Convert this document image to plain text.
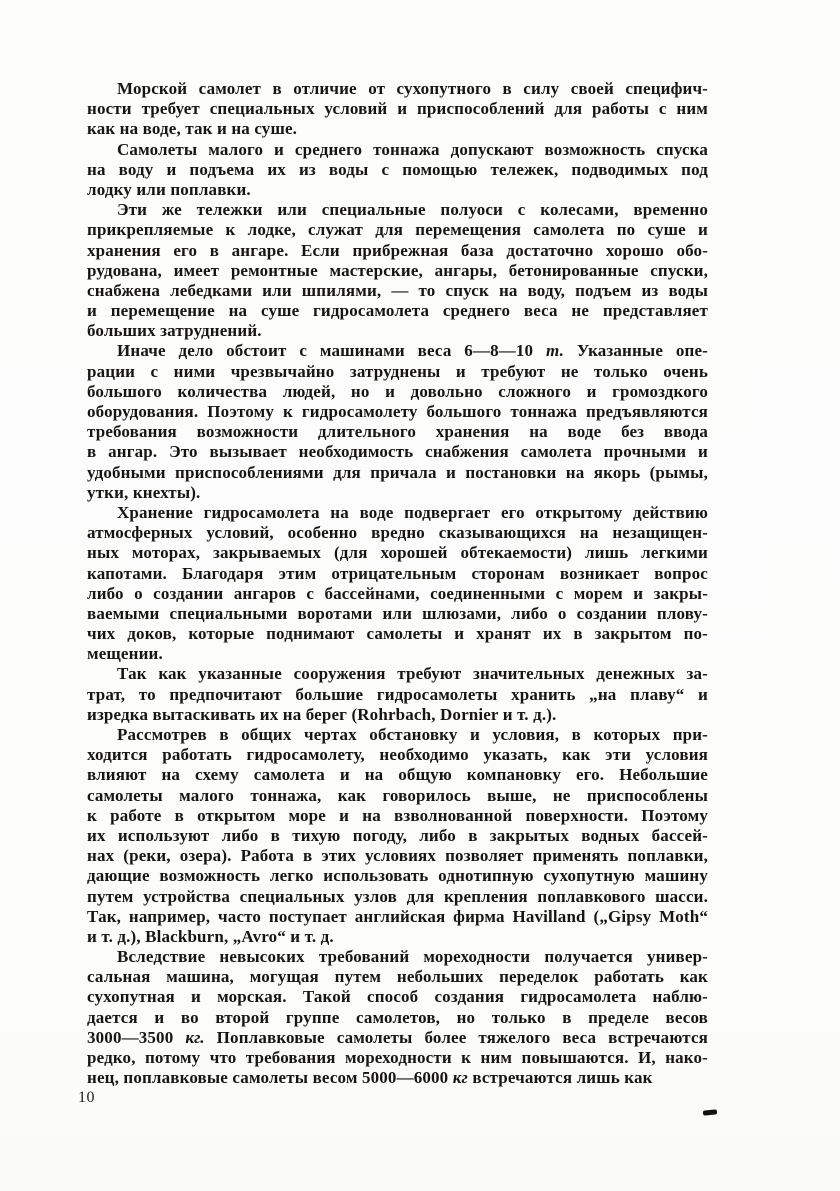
Морской самолет в отличие от сухопутного в силу своей специфич-
ности требует специальных условий и приспособлений для работы с ним
как на воде, так и на суше.
Самолеты малого и среднего тоннажа допускают возможность спуска
на воду и подъема их из воды с помощью тележек, подводимых под
лодку или поплавки.
Эти же тележки или специальные полуоси с колесами, временно
прикрепляемые к лодке, служат для перемещения самолета по суше и
хранения его в ангаре. Если прибрежная база достаточно хорошо обо-
рудована, имеет ремонтные мастерские, ангары, бетонированные спуски,
снабжена лебедками или шпилями, — то спуск на воду, подъем из воды
и перемещение на суше гидросамолета среднего веса не представляет
больших затруднений.
Иначе дело обстоит с машинами веса 6—8—10 т. Указанные опе-
рации с ними чрезвычайно затруднены и требуют не только очень
большого количества людей, но и довольно сложного и громоздкого
оборудования. Поэтому к гидросамолету большого тоннажа предъявляются
требования возможности длительного хранения на воде без ввода
в ангар. Это вызывает необходимость снабжения самолета прочными и
удобными приспособлениями для причала и постановки на якорь (рымы,
утки, кнехты).
Хранение гидросамолета на воде подвергает его открытому действию
атмосферных условий, особенно вредно сказывающихся на незащищен-
ных моторах, закрываемых (для хорошей обтекаемости) лишь легкими
капотами. Благодаря этим отрицательным сторонам возникает вопрос
либо о создании ангаров с бассейнами, соединенными с морем и закры-
ваемыми специальными воротами или шлюзами, либо о создании плову-
чих доков, которые поднимают самолеты и хранят их в закрытом по-
мещении.
Так как указанные сооружения требуют значительных денежных за-
трат, то предпочитают большие гидросамолеты хранить „на плаву“ и
изредка вытаскивать их на берег (Rohrbach, Dornier и т. д.).
Рассмотрев в общих чертах обстановку и условия, в которых при-
ходится работать гидросамолету, необходимо указать, как эти условия
влияют на схему самолета и на общую компановку его. Небольшие
самолеты малого тоннажа, как говорилось выше, не приспособлены
к работе в открытом море и на взволнованной поверхности. Поэтому
их используют либо в тихую погоду, либо в закрытых водных бассей-
нах (реки, озера). Работа в этих условиях позволяет применять поплавки,
дающие возможность легко использовать однотипную сухопутную машину
путем устройства специальных узлов для крепления поплавкового шасси.
Так, например, часто поступает английская фирма Havilland („Gipsy Moth“
и т. д.), Blackburn, „Avro“ и т. д.
Вследствие невысоких требований мореходности получается универ-
сальная машина, могущая путем небольших переделок работать как
сухопутная и морская. Такой способ создания гидросамолета наблю-
дается и во второй группе самолетов, но только в пределе весов
3000—3500 кг. Поплавковые самолеты более тяжелого веса встречаются
редко, потому что требования мореходности к ним повышаются. И, нако-
нец, поплавковые самолеты весом 5000—6000 кг встречаются лишь как
10
